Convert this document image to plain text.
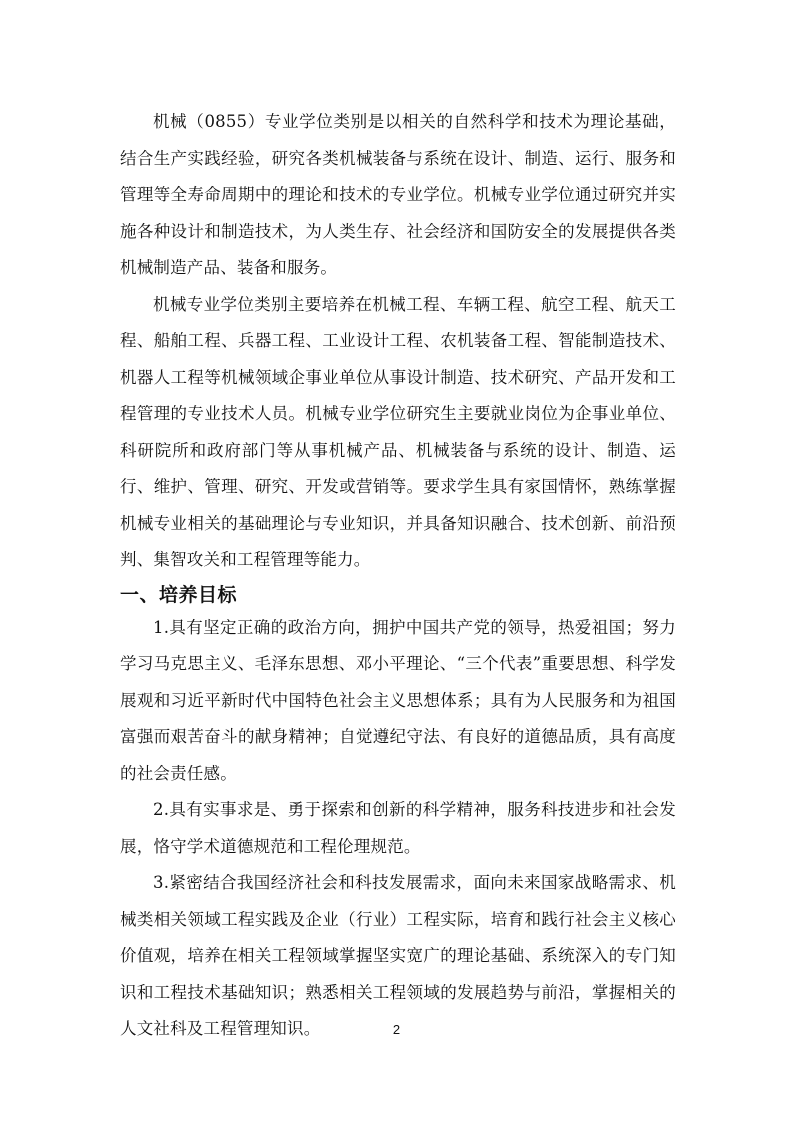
机械（0855）专业学位类别是以相关的自然科学和技术为理论基础，结合生产实践经验，研究各类机械装备与系统在设计、制造、运行、服务和管理等全寿命周期中的理论和技术的专业学位。机械专业学位通过研究并实施各种设计和制造技术，为人类生存、社会经济和国防安全的发展提供各类机械制造产品、装备和服务。

机械专业学位类别主要培养在机械工程、车辆工程、航空工程、航天工程、船舶工程、兵器工程、工业设计工程、农机装备工程、智能制造技术、机器人工程等机械领域企事业单位从事设计制造、技术研究、产品开发和工程管理的专业技术人员。机械专业学位研究生主要就业岗位为企事业单位、科研院所和政府部门等从事机械产品、机械装备与系统的设计、制造、运行、维护、管理、研究、开发或营销等。要求学生具有家国情怀，熟练掌握机械专业相关的基础理论与专业知识，并具备知识融合、技术创新、前沿预判、集智攻关和工程管理等能力。

一、培养目标

1.具有坚定正确的政治方向，拥护中国共产党的领导，热爱祖国；努力学习马克思主义、毛泽东思想、邓小平理论、“三个代表”重要思想、科学发展观和习近平新时代中国特色社会主义思想体系；具有为人民服务和为祖国富强而艰苦奋斗的献身精神；自觉遵纪守法、有良好的道德品质，具有高度的社会责任感。

2.具有实事求是、勇于探索和创新的科学精神，服务科技进步和社会发展，恪守学术道德规范和工程伦理规范。

3.紧密结合我国经济社会和科技发展需求，面向未来国家战略需求、机械类相关领域工程实践及企业（行业）工程实际，培育和践行社会主义核心价值观，培养在相关工程领域掌握坚实宽广的理论基础、系统深入的专门知识和工程技术基础知识；熟悉相关工程领域的发展趋势与前沿，掌握相关的人文社科及工程管理知识。	2
